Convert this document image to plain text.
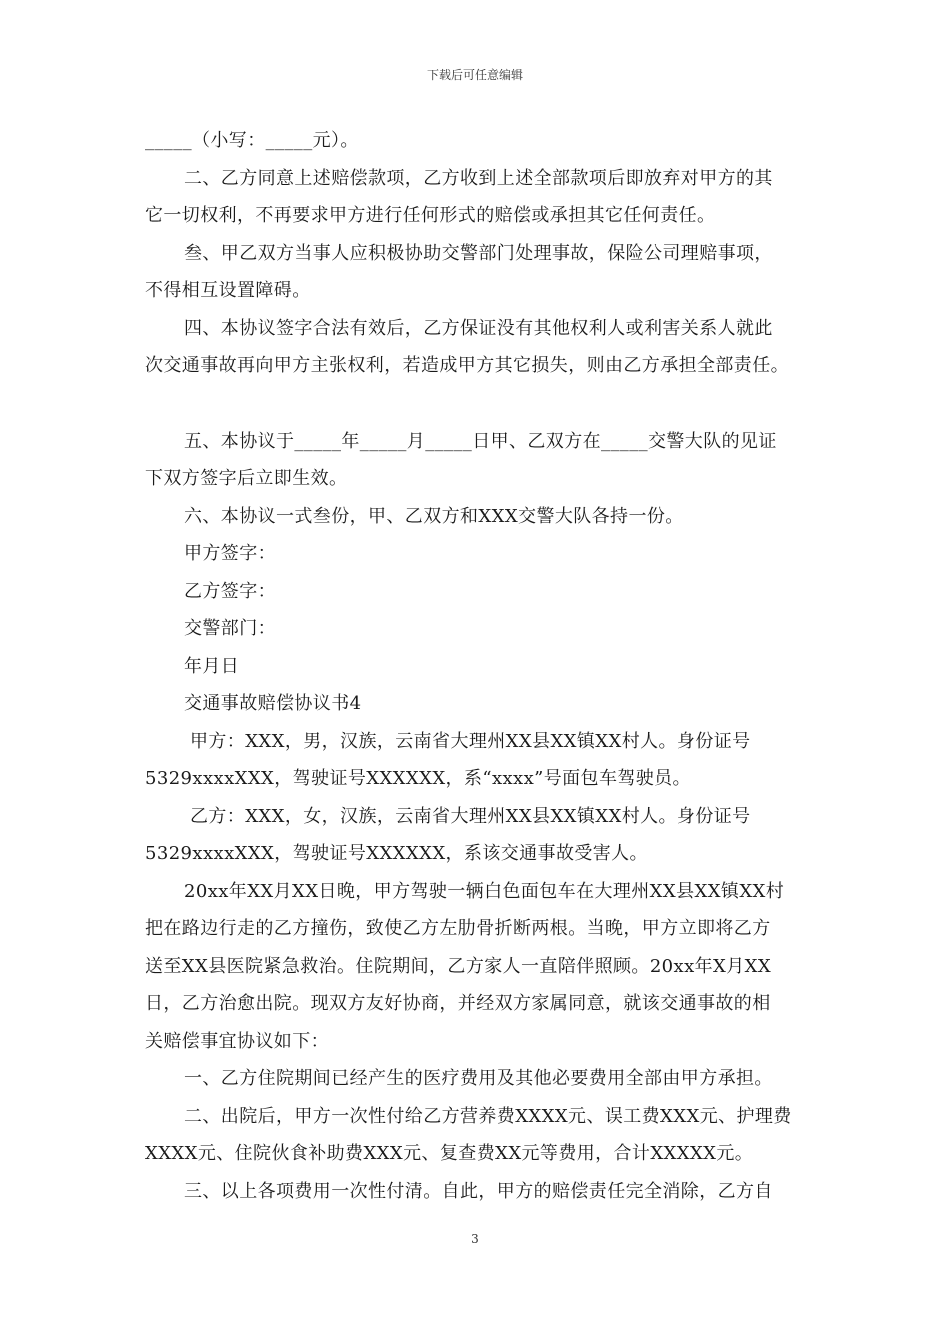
下载后可任意编辑
_____（小写：_____元）。
二、乙方同意上述赔偿款项，乙方收到上述全部款项后即放弃对甲方的其
它一切权利，不再要求甲方进行任何形式的赔偿或承担其它任何责任。
叁、甲乙双方当事人应积极协助交警部门处理事故，保险公司理赔事项，
不得相互设置障碍。
四、本协议签字合法有效后，乙方保证没有其他权利人或利害关系人就此
次交通事故再向甲方主张权利，若造成甲方其它损失，则由乙方承担全部责任。
五、本协议于_____年_____月_____日甲、乙双方在_____交警大队的见证
下双方签字后立即生效。
六、本协议一式叁份，甲、乙双方和XXX交警大队各持一份。
甲方签字：
乙方签字：
交警部门：
年月日
交通事故赔偿协议书4
甲方：XXX，男，汉族，云南省大理州XX县XX镇XX村人。身份证号
5329xxxxXXX，驾驶证号XXXXXX，系“xxxx”号面包车驾驶员。
乙方：XXX，女，汉族，云南省大理州XX县XX镇XX村人。身份证号
5329xxxxXXX，驾驶证号XXXXXX，系该交通事故受害人。
20xx年XX月XX日晚，甲方驾驶一辆白色面包车在大理州XX县XX镇XX村
把在路边行走的乙方撞伤，致使乙方左肋骨折断两根。当晚，甲方立即将乙方
送至XX县医院紧急救治。住院期间，乙方家人一直陪伴照顾。20xx年X月XX
日，乙方治愈出院。现双方友好协商，并经双方家属同意，就该交通事故的相
关赔偿事宜协议如下：
一、乙方住院期间已经产生的医疗费用及其他必要费用全部由甲方承担。
二、出院后，甲方一次性付给乙方营养费XXXX元、误工费XXX元、护理费
XXXX元、住院伙食补助费XXX元、复查费XX元等费用，合计XXXXX元。
三、以上各项费用一次性付清。自此，甲方的赔偿责任完全消除，乙方自
3
